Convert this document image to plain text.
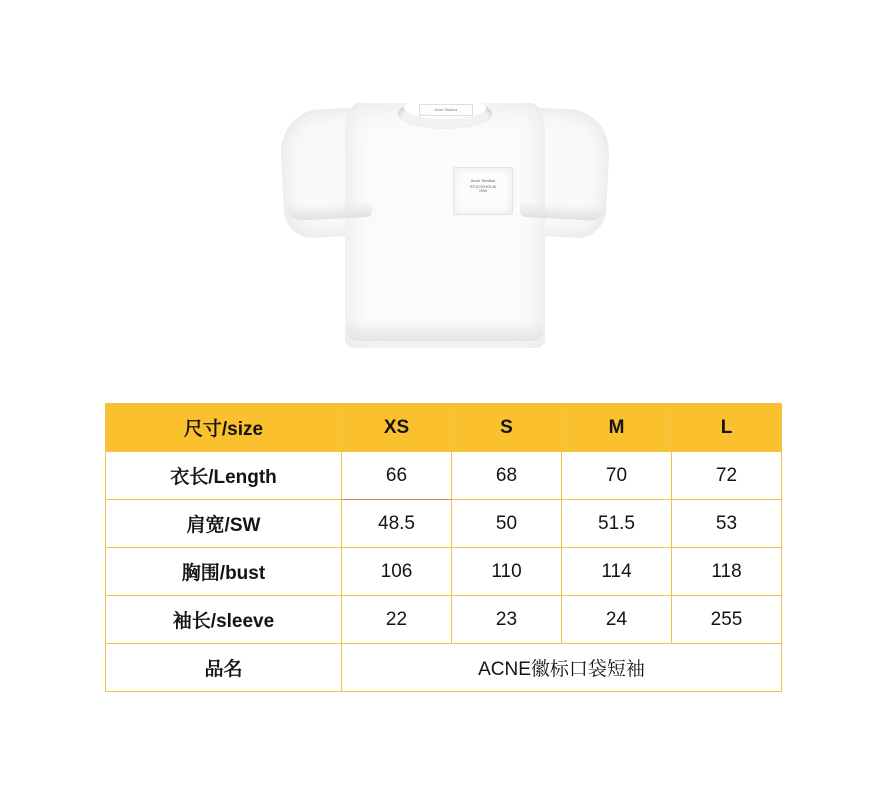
Acne Studios
Acne Studios
STOCKHOLM
1996
尺寸/size	XS	S	M	L
衣长/Length	66	68	70	72
肩宽/SW	48.5	50	51.5	53
胸围/bust	106	110	114	118
袖长/sleeve	22	23	24	255
品名	ACNE徽标口袋短袖			
